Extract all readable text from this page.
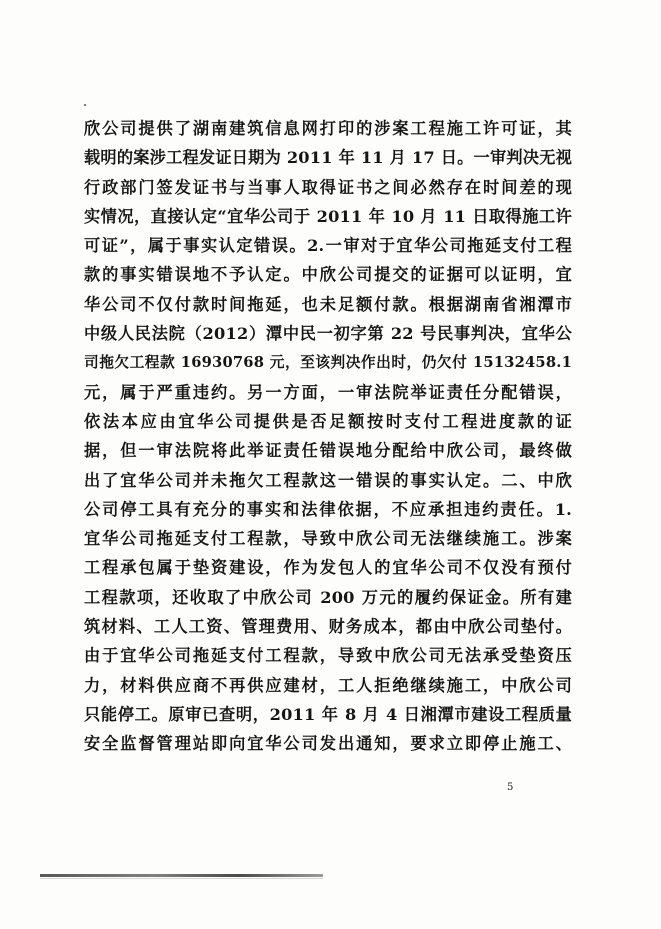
欣公司提供了湖南建筑信息网打印的涉案工程施工许可证，其
载明的案涉工程发证日期为 2011 年 11 月 17 日。一审判决无视
行政部门签发证书与当事人取得证书之间必然存在时间差的现
实情况，直接认定“宜华公司于 2011 年 10 月 11 日取得施工许
可证”，属于事实认定错误。2.一审对于宜华公司拖延支付工程
款的事实错误地不予认定。中欣公司提交的证据可以证明，宜
华公司不仅付款时间拖延，也未足额付款。根据湖南省湘潭市
中级人民法院（2012）潭中民一初字第 22 号民事判决，宜华公
司拖欠工程款 16930768 元，至该判决作出时，仍欠付 15132458.1
元，属于严重违约。另一方面，一审法院举证责任分配错误，
依法本应由宜华公司提供是否足额按时支付工程进度款的证
据，但一审法院将此举证责任错误地分配给中欣公司，最终做
出了宜华公司并未拖欠工程款这一错误的事实认定。二、中欣
公司停工具有充分的事实和法律依据，不应承担违约责任。1.
宜华公司拖延支付工程款，导致中欣公司无法继续施工。涉案
工程承包属于垫资建设，作为发包人的宜华公司不仅没有预付
工程款项，还收取了中欣公司 200 万元的履约保证金。所有建
筑材料、工人工资、管理费用、财务成本，都由中欣公司垫付。
由于宜华公司拖延支付工程款，导致中欣公司无法承受垫资压
力，材料供应商不再供应建材，工人拒绝继续施工，中欣公司
只能停工。原审已查明，2011 年 8 月 4 日湘潭市建设工程质量
安全监督管理站即向宜华公司发出通知，要求立即停止施工、
5
